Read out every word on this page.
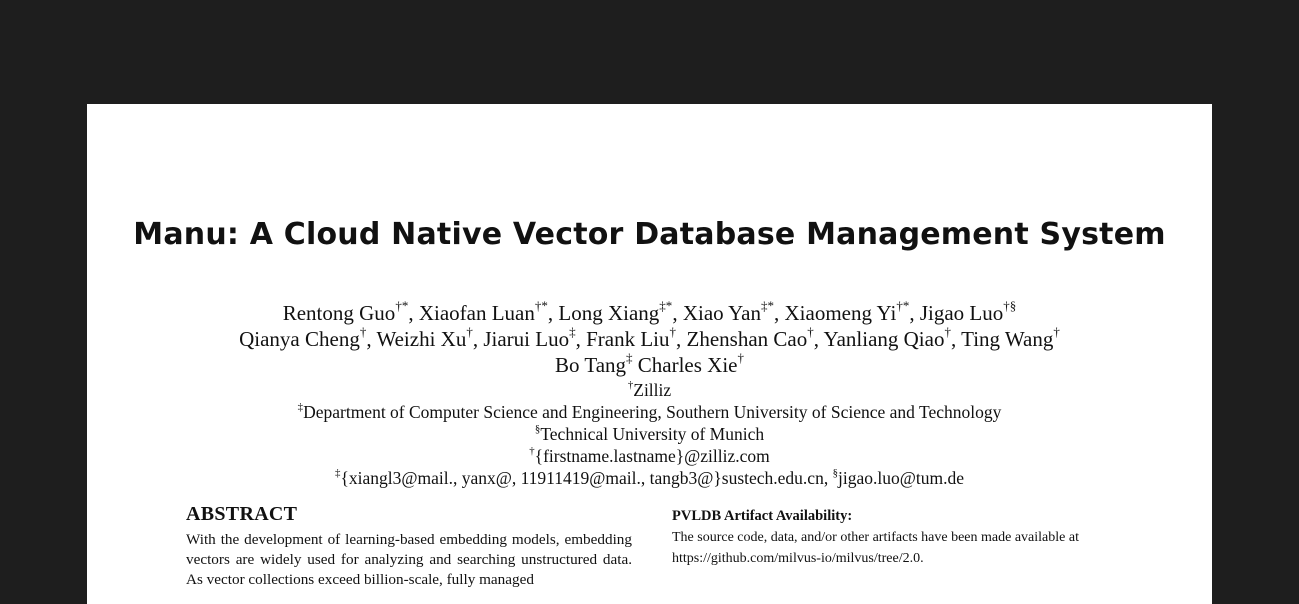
Manu: A Cloud Native Vector Database Management System
Rentong Guo†*, Xiaofan Luan†*, Long Xiang‡*, Xiao Yan‡*, Xiaomeng Yi†*, Jigao Luo†§
Qianya Cheng†, Weizhi Xu†, Jiarui Luo‡, Frank Liu†, Zhenshan Cao†, Yanliang Qiao†, Ting Wang†
Bo Tang‡ Charles Xie†
†Zilliz
‡Department of Computer Science and Engineering, Southern University of Science and Technology
§Technical University of Munich
†{firstname.lastname}@zilliz.com
‡{xiangl3@mail., yanx@, 11911419@mail., tangb3@}sustech.edu.cn, §jigao.luo@tum.de
ABSTRACT
With the development of learning-based embedding models, embedding vectors are widely used for analyzing and searching unstructured data. As vector collections exceed billion-scale, fully managed
PVLDB Artifact Availability:
The source code, data, and/or other artifacts have been made available at https://github.com/milvus-io/milvus/tree/2.0.
